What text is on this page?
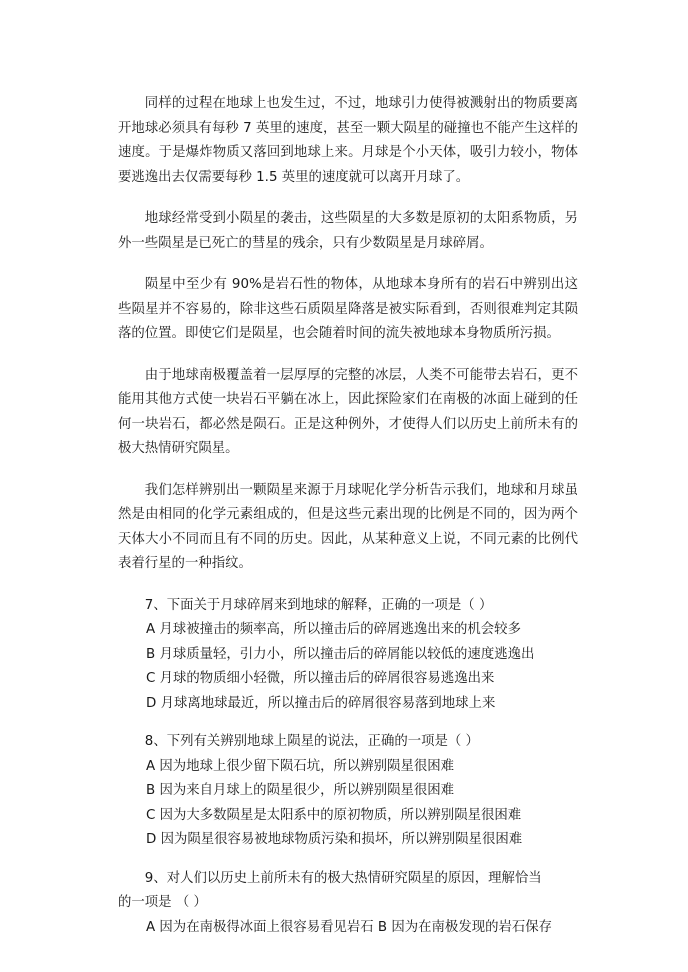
同样的过程在地球上也发生过，不过，地球引力使得被溅射出的物质要离开地球必须具有每秒 7 英里的速度，甚至一颗大陨星的碰撞也不能产生这样的速度。于是爆炸物质又落回到地球上来。月球是个小天体，吸引力较小，物体要逃逸出去仅需要每秒 1.5 英里的速度就可以离开月球了。

地球经常受到小陨星的袭击，这些陨星的大多数是原初的太阳系物质，另外一些陨星是已死亡的彗星的残余，只有少数陨星是月球碎屑。

陨星中至少有 90%是岩石性的物体，从地球本身所有的岩石中辨别出这些陨星并不容易的，除非这些石质陨星降落是被实际看到，否则很难判定其陨落的位置。即使它们是陨星，也会随着时间的流失被地球本身物质所污损。

由于地球南极覆盖着一层厚厚的完整的冰层，人类不可能带去岩石，更不能用其他方式使一块岩石平躺在冰上，因此探险家们在南极的冰面上碰到的任何一块岩石，都必然是陨石。正是这种例外，才使得人们以历史上前所未有的极大热情研究陨星。

我们怎样辨别出一颗陨星来源于月球呢化学分析告示我们，地球和月球虽然是由相同的化学元素组成的，但是这些元素出现的比例是不同的，因为两个天体大小不同而且有不同的历史。因此，从某种意义上说，不同元素的比例代表着行星的一种指纹。

7、下面关于月球碎屑来到地球的解释，正确的一项是（ ）

A 月球被撞击的频率高，所以撞击后的碎屑逃逸出来的机会较多

B 月球质量轻，引力小，所以撞击后的碎屑能以较低的速度逃逸出

C 月球的物质细小轻微，所以撞击后的碎屑很容易逃逸出来

D 月球离地球最近，所以撞击后的碎屑很容易落到地球上来

8、下列有关辨别地球上陨星的说法，正确的一项是（ ）

A 因为地球上很少留下陨石坑，所以辨别陨星很困难

B 因为来自月球上的陨星很少，所以辨别陨星很困难

C 因为大多数陨星是太阳系中的原初物质，所以辨别陨星很困难

D 因为陨星很容易被地球物质污染和损坏，所以辨别陨星很困难

9、对人们以历史上前所未有的极大热情研究陨星的原因，理解恰当

的一项是 （ ）

A 因为在南极得冰面上很容易看见岩石 B 因为在南极发现的岩石保存
